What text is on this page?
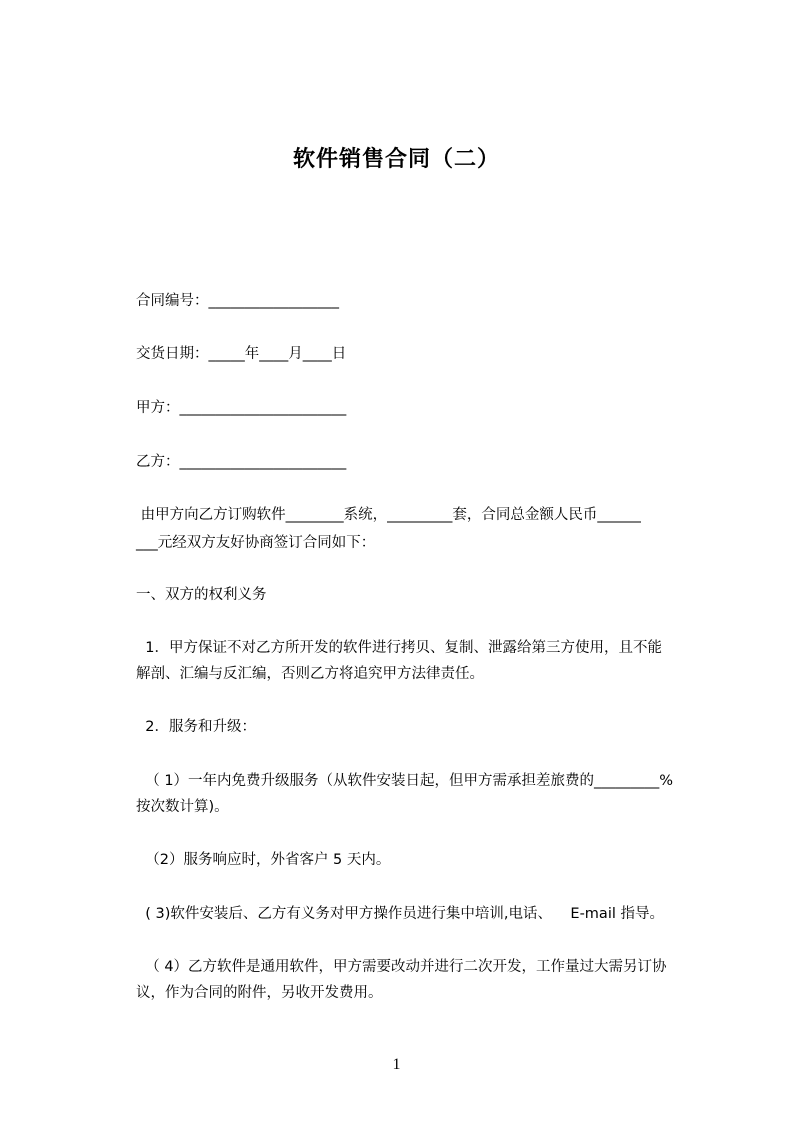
软件销售合同（二）
合同编号：__________________
交货日期：_____年____月____日
甲方：_______________________
乙方：_______________________
由甲方向乙方订购软件________系统，_________套，合同总金额人民币______
___元经双方友好协商签订合同如下：
一、双方的权利义务
1．甲方保证不对乙方所开发的软件进行拷贝、复制、泄露给第三方使用，且不能
解剖、汇编与反汇编，否则乙方将追究甲方法律责任。
2．服务和升级：
（ 1）一年内免费升级服务（从软件安装日起，但甲方需承担差旅费的_________%
按次数计算)。
（2）服务响应时，外省客户 5 天内。
( 3)软件安装后、乙方有义务对甲方操作员进行集中培训,电话、    E-mail 指导。
（ 4）乙方软件是通用软件，甲方需要改动并进行二次开发，工作量过大需另订协
议，作为合同的附件，另收开发费用。
1
